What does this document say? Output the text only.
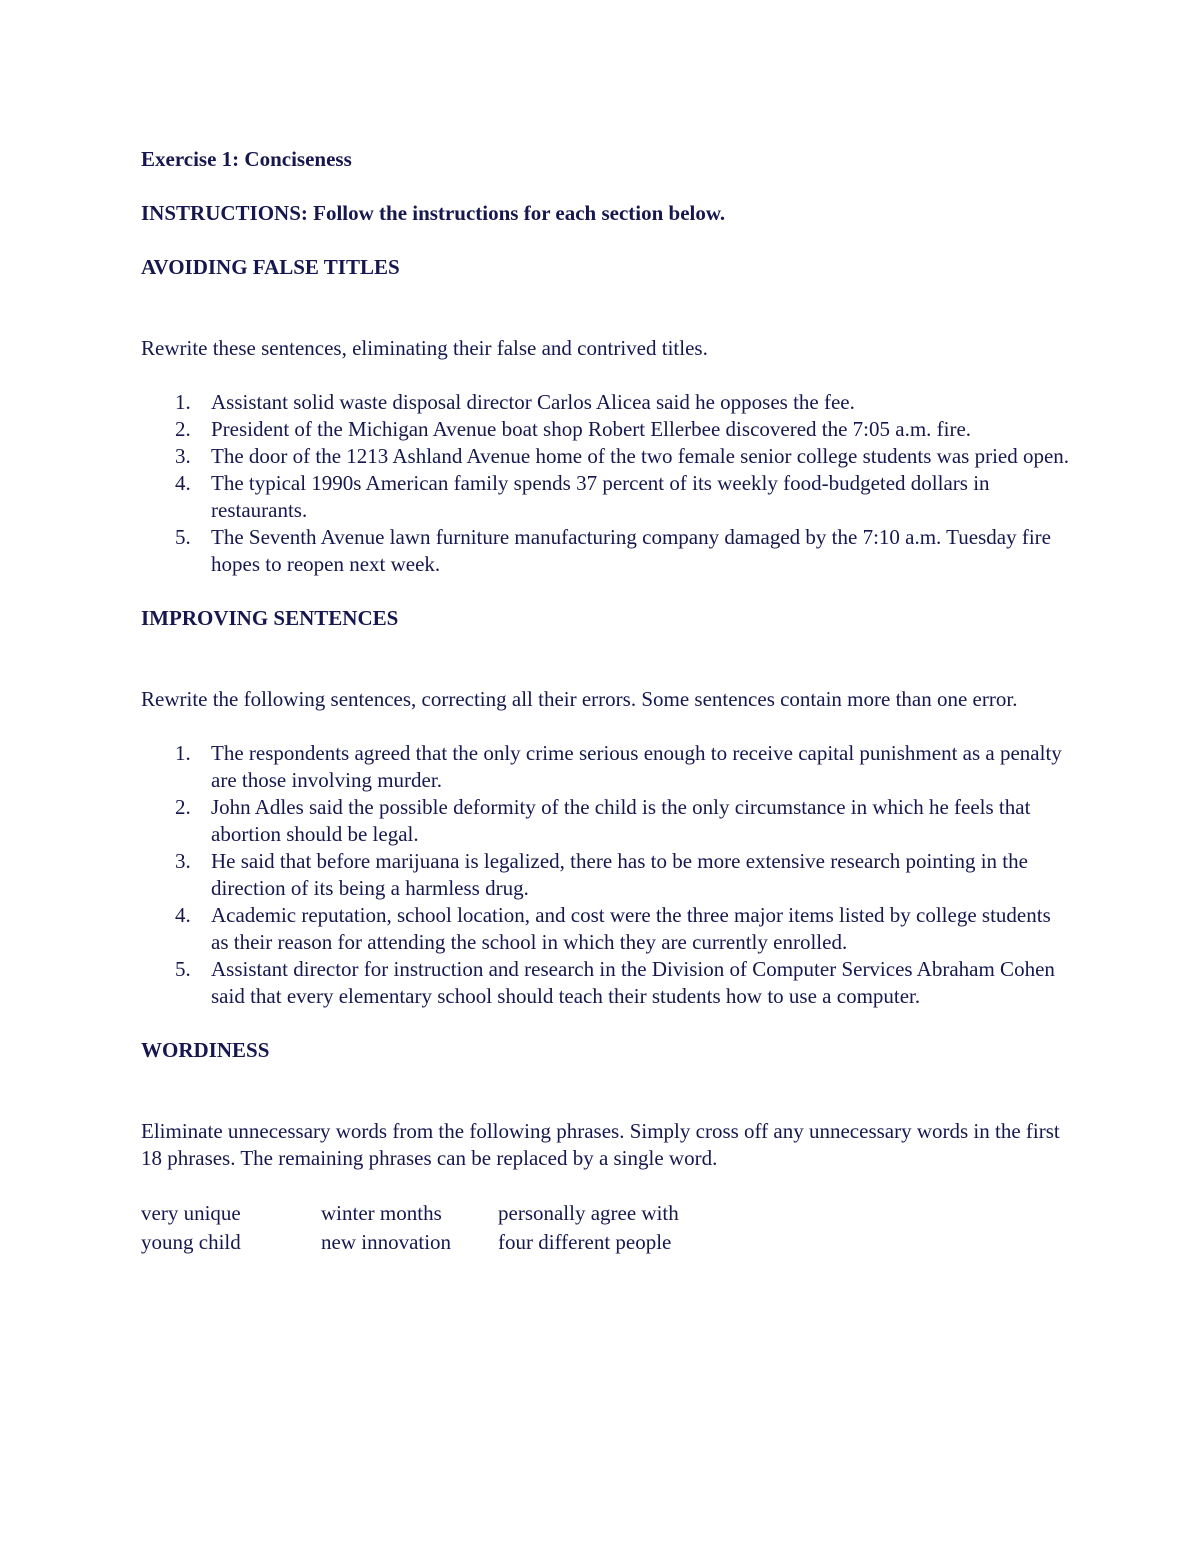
Exercise 1: Conciseness

INSTRUCTIONS: Follow the instructions for each section below.

AVOIDING FALSE TITLES

Rewrite these sentences, eliminating their false and contrived titles.

1. Assistant solid waste disposal director Carlos Alicea said he opposes the fee.
2. President of the Michigan Avenue boat shop Robert Ellerbee discovered the 7:05 a.m. fire.
3. The door of the 1213 Ashland Avenue home of the two female senior college students was pried open.
4. The typical 1990s American family spends 37 percent of its weekly food-budgeted dollars in restaurants.
5. The Seventh Avenue lawn furniture manufacturing company damaged by the 7:10 a.m. Tuesday fire hopes to reopen next week.

IMPROVING SENTENCES

Rewrite the following sentences, correcting all their errors. Some sentences contain more than one error.

1. The respondents agreed that the only crime serious enough to receive capital punishment as a penalty are those involving murder.
2. John Adles said the possible deformity of the child is the only circumstance in which he feels that abortion should be legal.
3. He said that before marijuana is legalized, there has to be more extensive research pointing in the direction of its being a harmless drug.
4. Academic reputation, school location, and cost were the three major items listed by college students as their reason for attending the school in which they are currently enrolled.
5. Assistant director for instruction and research in the Division of Computer Services Abraham Cohen said that every elementary school should teach their students how to use a computer.

WORDINESS

Eliminate unnecessary words from the following phrases. Simply cross off any unnecessary words in the first 18 phrases. The remaining phrases can be replaced by a single word.

very unique	winter months	personally agree with
young child	new innovation	four different people
